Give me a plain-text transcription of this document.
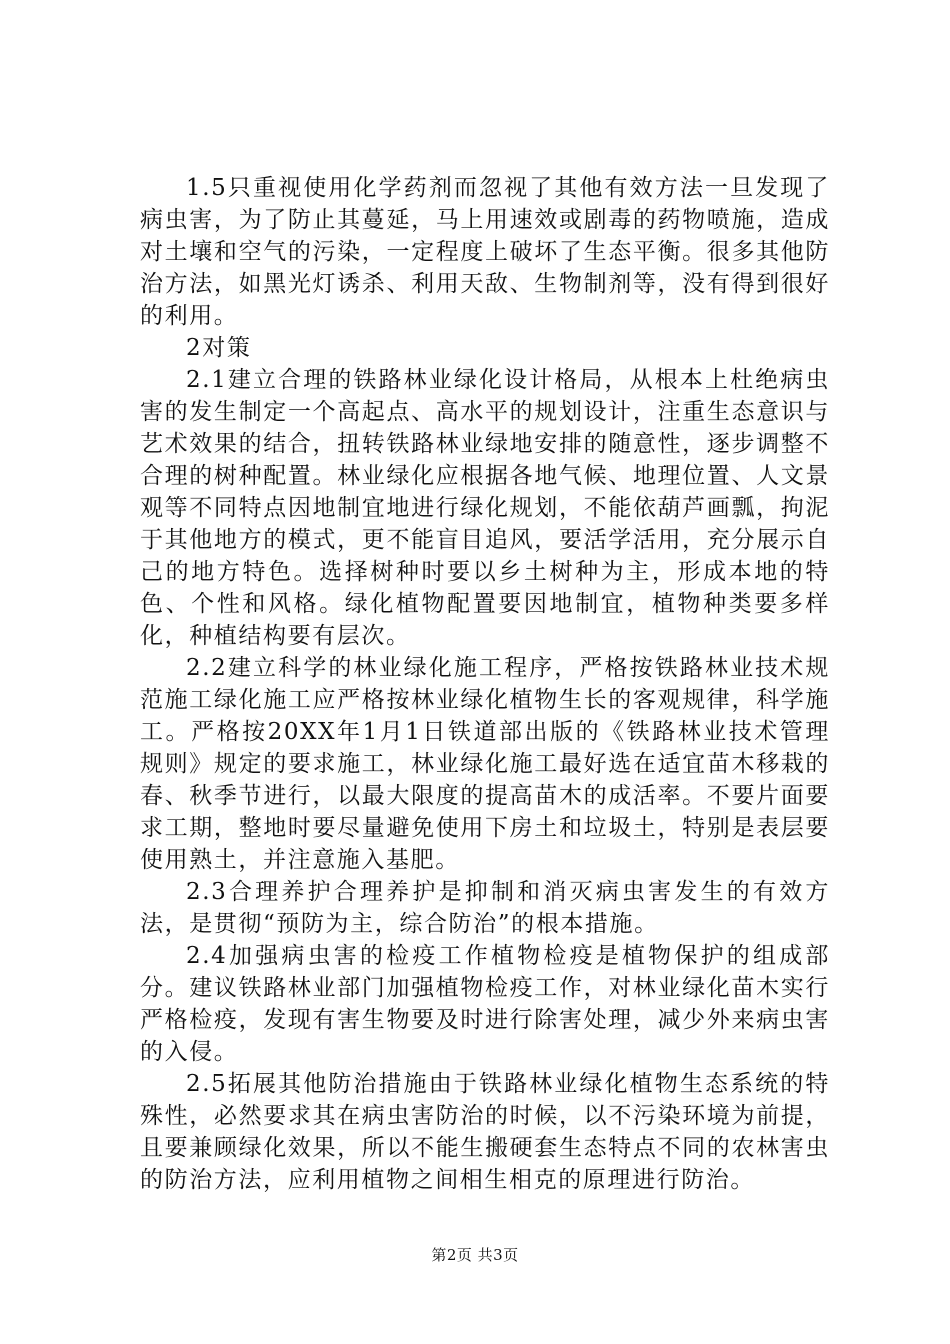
1.5只重视使用化学药剂而忽视了其他有效方法一旦发现了病虫害，为了防止其蔓延，马上用速效或剧毒的药物喷施，造成对土壤和空气的污染，一定程度上破坏了生态平衡。很多其他防治方法，如黑光灯诱杀、利用天敌、生物制剂等，没有得到很好的利用。

2对策

2.1建立合理的铁路林业绿化设计格局，从根本上杜绝病虫害的发生制定一个高起点、高水平的规划设计，注重生态意识与艺术效果的结合，扭转铁路林业绿地安排的随意性，逐步调整不合理的树种配置。林业绿化应根据各地气候、地理位置、人文景观等不同特点因地制宜地进行绿化规划，不能依葫芦画瓢，拘泥于其他地方的模式，更不能盲目追风，要活学活用，充分展示自己的地方特色。选择树种时要以乡土树种为主，形成本地的特色、个性和风格。绿化植物配置要因地制宜，植物种类要多样化，种植结构要有层次。

2.2建立科学的林业绿化施工程序，严格按铁路林业技术规范施工绿化施工应严格按林业绿化植物生长的客观规律，科学施工。严格按20XX年1月1日铁道部出版的《铁路林业技术管理规则》规定的要求施工，林业绿化施工最好选在适宜苗木移栽的春、秋季节进行，以最大限度的提高苗木的成活率。不要片面要求工期，整地时要尽量避免使用下房土和垃圾土，特别是表层要使用熟土，并注意施入基肥。

2.3合理养护合理养护是抑制和消灭病虫害发生的有效方法，是贯彻“预防为主，综合防治”的根本措施。

2.4加强病虫害的检疫工作植物检疫是植物保护的组成部分。建议铁路林业部门加强植物检疫工作，对林业绿化苗木实行严格检疫，发现有害生物要及时进行除害处理，减少外来病虫害的入侵。

2.5拓展其他防治措施由于铁路林业绿化植物生态系统的特殊性，必然要求其在病虫害防治的时候，以不污染环境为前提，且要兼顾绿化效果，所以不能生搬硬套生态特点不同的农林害虫的防治方法，应利用植物之间相生相克的原理进行防治。

第2页 共3页
